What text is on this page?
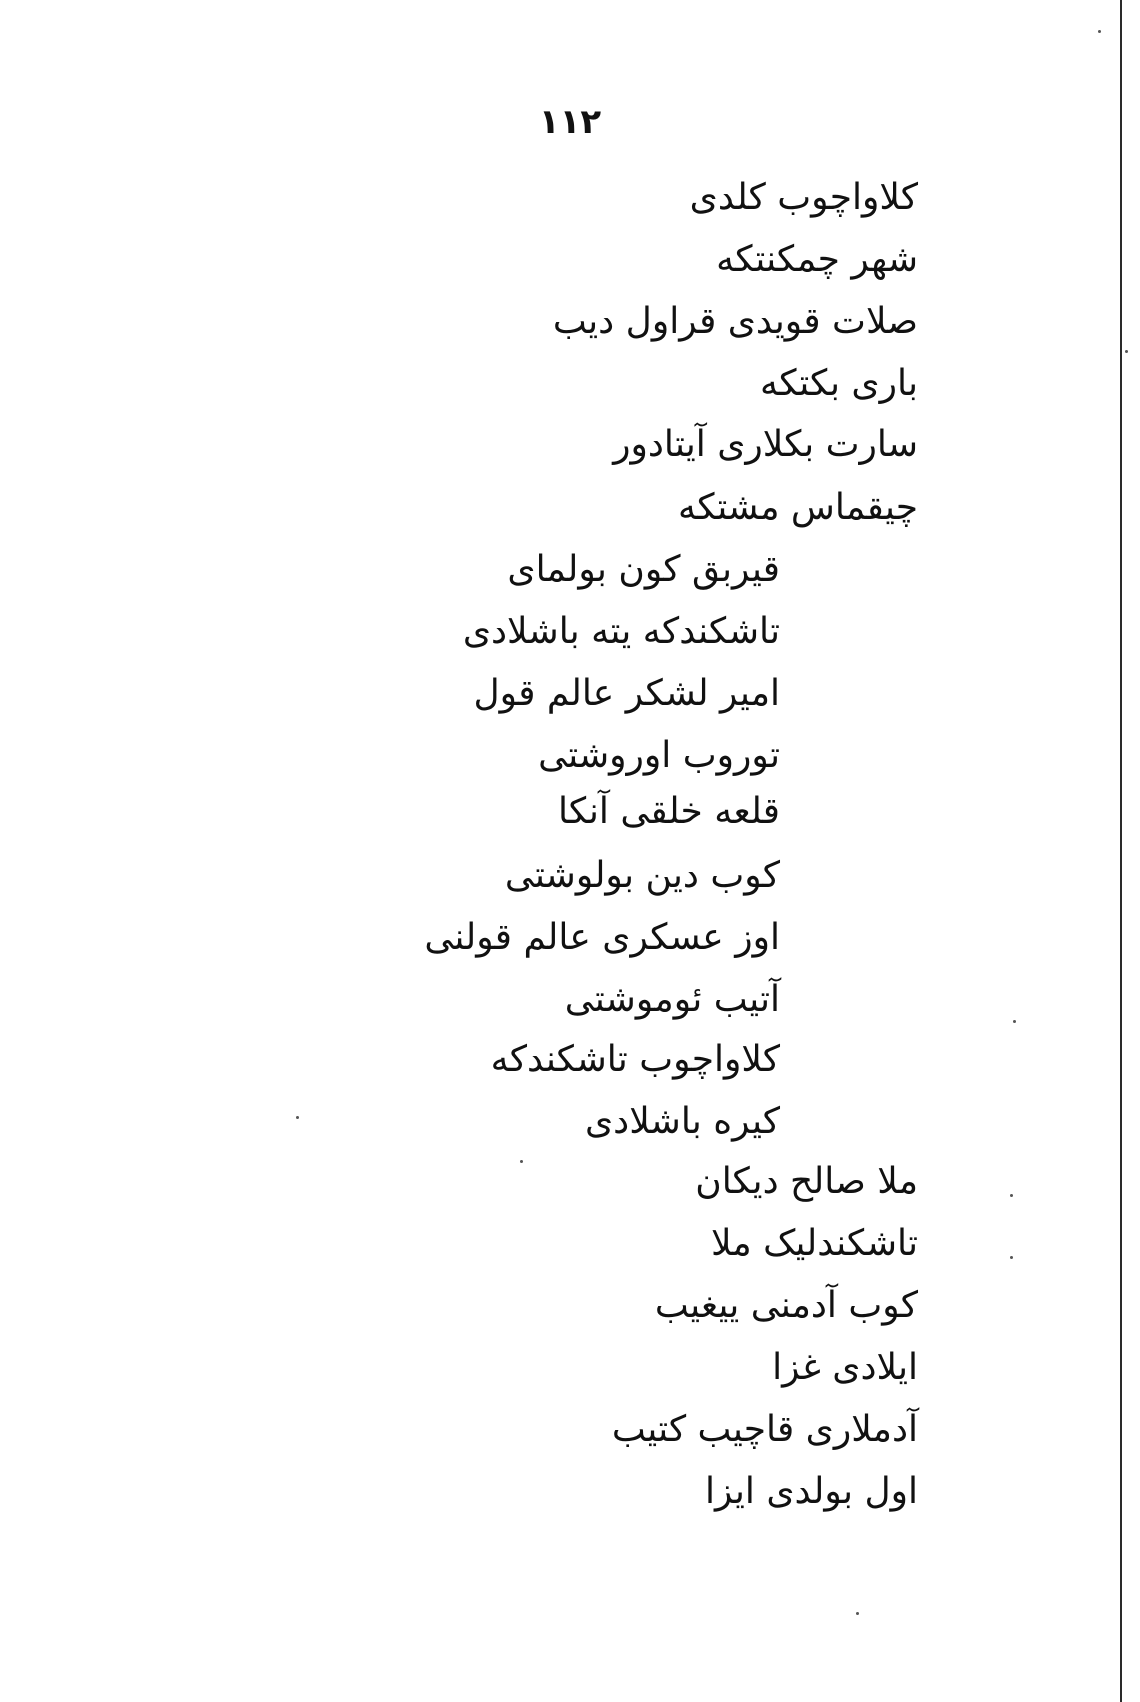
۱۱۲
کلاواچوب کلدی
شهر چمکنتکه
صلات قویدی قراول دیب
باری بکتکه
سارت بکلاری آیتادور
چیقماس مشتکه
قیربق کون بولمای
تاشکندکه یته باشلادی
امیر لشکر عالم قول
توروب اوروشتی
قلعه خلقی آنکا
کوب دین بولوشتی
اوز عسکری عالم قولنی
آتیب ئوموشتی
کلاواچوب تاشکندکه
کیره باشلادی
ملا صالح دیکان
تاشکندلیک ملا
کوب آدمنی ییغیب
ایلادی غزا
آدملاری قاچیب کتیب
اول بولدی ایزا
